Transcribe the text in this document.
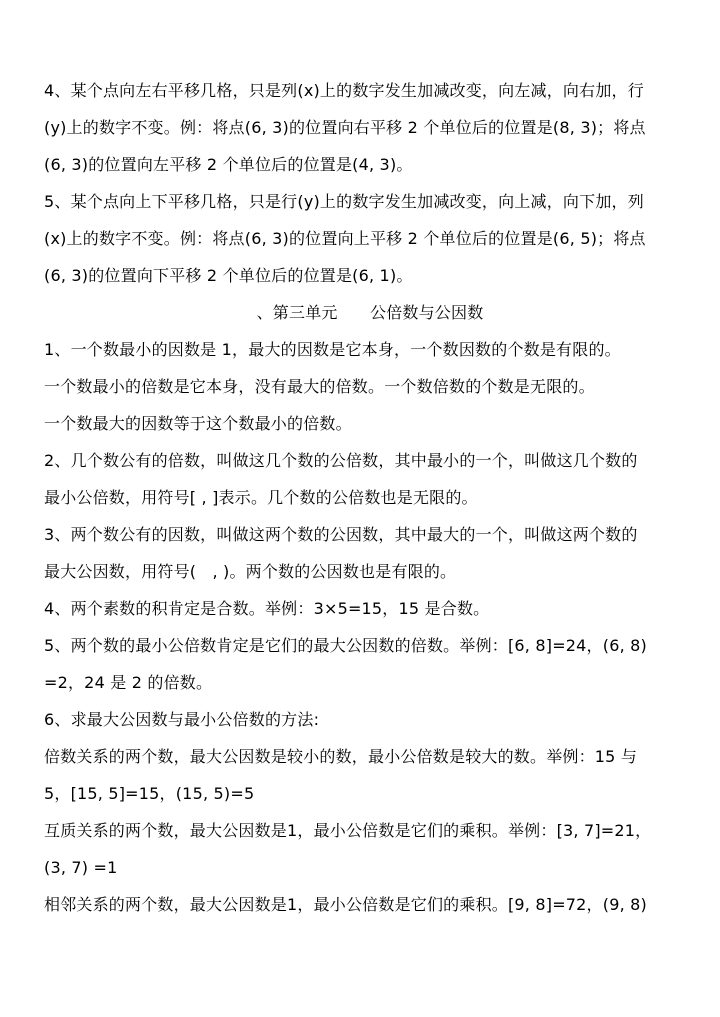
4、某个点向左右平移几格，只是列(x)上的数字发生加减改变，向左减，向右加，行
(y)上的数字不变。例：将点(6, 3)的位置向右平移 2 个单位后的位置是(8, 3)；将点
(6, 3)的位置向左平移 2 个单位后的位置是(4, 3)。
5、某个点向上下平移几格，只是行(y)上的数字发生加减改变，向上减，向下加，列
(x)上的数字不变。例：将点(6, 3)的位置向上平移 2 个单位后的位置是(6, 5)；将点
(6, 3)的位置向下平移 2 个单位后的位置是(6, 1)。
、第三单元　　公倍数与公因数
1、一个数最小的因数是 1，最大的因数是它本身，一个数因数的个数是有限的。
一个数最小的倍数是它本身，没有最大的倍数。一个数倍数的个数是无限的。
一个数最大的因数等于这个数最小的倍数。
2、几个数公有的倍数，叫做这几个数的公倍数，其中最小的一个，叫做这几个数的
最小公倍数，用符号[ , ]表示。几个数的公倍数也是无限的。
3、两个数公有的因数，叫做这两个数的公因数，其中最大的一个，叫做这两个数的
最大公因数，用符号(　, )。两个数的公因数也是有限的。
4、两个素数的积肯定是合数。举例：3×5=15，15 是合数。
5、两个数的最小公倍数肯定是它们的最大公因数的倍数。举例：[6, 8]=24，(6, 8)
=2，24 是 2 的倍数。
6、求最大公因数与最小公倍数的方法:
倍数关系的两个数，最大公因数是较小的数，最小公倍数是较大的数。举例：15 与
5，[15, 5]=15，(15, 5)=5
互质关系的两个数，最大公因数是1，最小公倍数是它们的乘积。举例：[3, 7]=21，
(3, 7) =1
相邻关系的两个数，最大公因数是1，最小公倍数是它们的乘积。[9, 8]=72，(9, 8)
